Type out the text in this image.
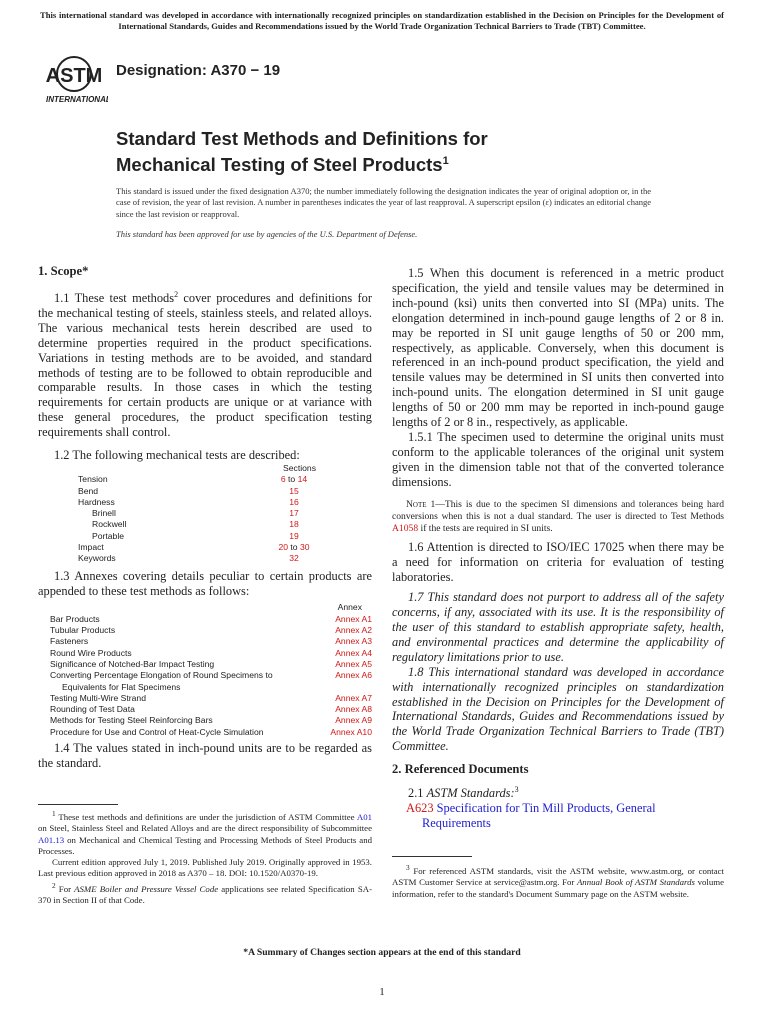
This international standard was developed in accordance with internationally recognized principles on standardization established in the Decision on Principles for the Development of International Standards, Guides and Recommendations issued by the World Trade Organization Technical Barriers to Trade (TBT) Committee.
ASTM
INTERNATIONAL
Designation: A370 − 19
Standard Test Methods and Definitions for
Mechanical Testing of Steel Products$^1$
This standard is issued under the fixed designation A370; the number immediately following the designation indicates the year of original adoption or, in the case of revision, the year of last revision. A number in parentheses indicates the year of last reapproval. A superscript epsilon (ε) indicates an editorial change since the last revision or reapproval.
This standard has been approved for use by agencies of the U.S. Department of Defense.
1. Scope*

1.1 These test methods$^2$ cover procedures and definitions for the mechanical testing of steels, stainless steels, and related alloys. The various mechanical tests herein described are used to determine properties required in the product specifications. Variations in testing methods are to be avoided, and standard methods of testing are to be followed to obtain reproducible and comparable results. In those cases in which the testing requirements for certain products are unique or at variance with these general procedures, the product specification testing requirements shall control.

1.2 The following mechanical tests are described:

Sections
Tension	6 to 14
Bend	15
Hardness	16
Brinell	17
Rockwell	18
Portable	19
Impact	20 to 30
Keywords	32

1.3 Annexes covering details peculiar to certain products are appended to these test methods as follows:

Annex
Bar Products	Annex A1
Tubular Products	Annex A2
Fasteners	Annex A3
Round Wire Products	Annex A4
Significance of Notched-Bar Impact Testing	Annex A5
Converting Percentage Elongation of Round Specimens to	Annex A6
Equivalents for Flat Specimens
Testing Multi-Wire Strand	Annex A7
Rounding of Test Data	Annex A8
Methods for Testing Steel Reinforcing Bars	Annex A9
Procedure for Use and Control of Heat-Cycle Simulation	Annex A10

1.4 The values stated in inch-pound units are to be regarded as the standard.

$^1$ These test methods and definitions are under the jurisdiction of ASTM Committee A01 on Steel, Stainless Steel and Related Alloys and are the direct responsibility of Subcommittee A01.13 on Mechanical and Chemical Testing and Processing Methods of Steel Products and Processes.

Current edition approved July 1, 2019. Published July 2019. Originally approved in 1953. Last previous edition approved in 2018 as A370 – 18. DOI: 10.1520/A0370-19.

$^2$ For ASME Boiler and Pressure Vessel Code applications see related Specification SA-370 in Section II of that Code.

1.5 When this document is referenced in a metric product specification, the yield and tensile values may be determined in inch-pound (ksi) units then converted into SI (MPa) units. The elongation determined in inch-pound gauge lengths of 2 or 8 in. may be reported in SI unit gauge lengths of 50 or 200 mm, respectively, as applicable. Conversely, when this document is referenced in an inch-pound product specification, the yield and tensile values may be determined in SI units then converted into inch-pound units. The elongation determined in SI unit gauge lengths of 50 or 200 mm may be reported in inch-pound gauge lengths of 2 or 8 in., respectively, as applicable.

1.5.1 The specimen used to determine the original units must conform to the applicable tolerances of the original unit system given in the dimension table not that of the converted tolerance dimensions.

Note 1—This is due to the specimen SI dimensions and tolerances being hard conversions when this is not a dual standard. The user is directed to Test Methods A1058 if the tests are required in SI units.

1.6 Attention is directed to ISO/IEC 17025 when there may be a need for information on criteria for evaluation of testing laboratories.

1.7 This standard does not purport to address all of the safety concerns, if any, associated with its use. It is the responsibility of the user of this standard to establish appropriate safety, health, and environmental practices and determine the applicability of regulatory limitations prior to use.

1.8 This international standard was developed in accordance with internationally recognized principles on standardization established in the Decision on Principles for the Development of International Standards, Guides and Recommendations issued by the World Trade Organization Technical Barriers to Trade (TBT) Committee.

2. Referenced Documents

2.1 ASTM Standards:$^3$

A623 Specification for Tin Mill Products, General Requirements

$^3$ For referenced ASTM standards, visit the ASTM website, www.astm.org, or contact ASTM Customer Service at service@astm.org. For Annual Book of ASTM Standards volume information, refer to the standard's Document Summary page on the ASTM website.

*A Summary of Changes section appears at the end of this standard
1
